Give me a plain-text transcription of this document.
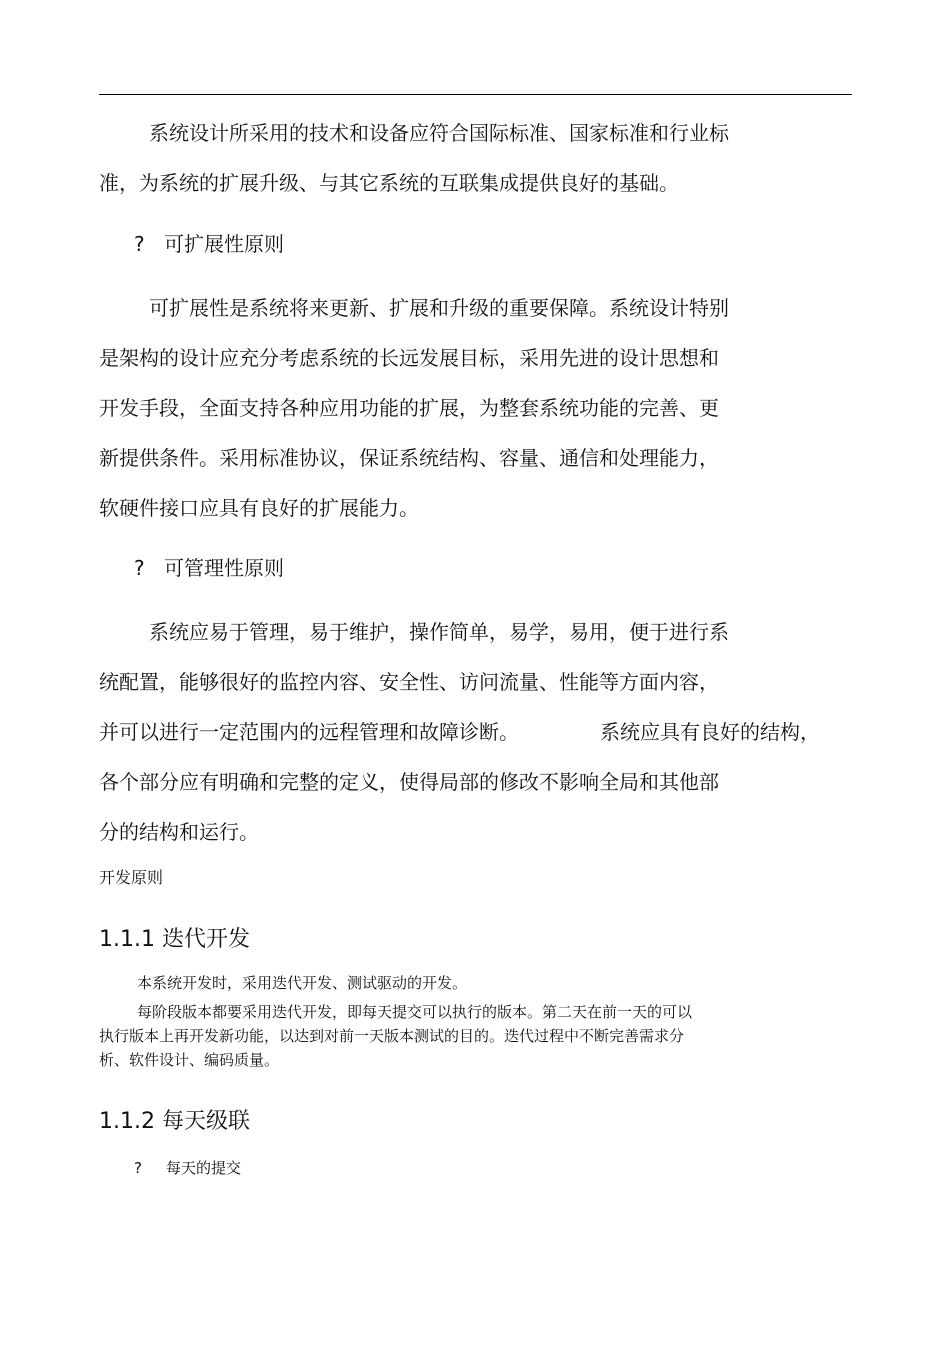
系统设计所采用的技术和设备应符合国际标准、国家标准和行业标

准，为系统的扩展升级、与其它系统的互联集成提供良好的基础。

? 可扩展性原则

可扩展性是系统将来更新、扩展和升级的重要保障。系统设计特别

是架构的设计应充分考虑系统的长远发展目标，采用先进的设计思想和

开发手段，全面支持各种应用功能的扩展，为整套系统功能的完善、更

新提供条件。采用标准协议，保证系统结构、容量、通信和处理能力，

软硬件接口应具有良好的扩展能力。

? 可管理性原则

系统应易于管理，易于维护，操作简单，易学，易用，便于进行系

统配置，能够很好的监控内容、安全性、访问流量、性能等方面内容，

并可以进行一定范围内的远程管理和故障诊断。	系统应具有良好的结构，

各个部分应有明确和完整的定义，使得局部的修改不影响全局和其他部

分的结构和运行。

开发原则

1.1.1 迭代开发

本系统开发时，采用迭代开发、测试驱动的开发。

每阶段版本都要采用迭代开发，即每天提交可以执行的版本。第二天在前一天的可以

执行版本上再开发新功能，以达到对前一天版本测试的目的。迭代过程中不断完善需求分

析、软件设计、编码质量。

1.1.2 每天级联
? 每天的提交
